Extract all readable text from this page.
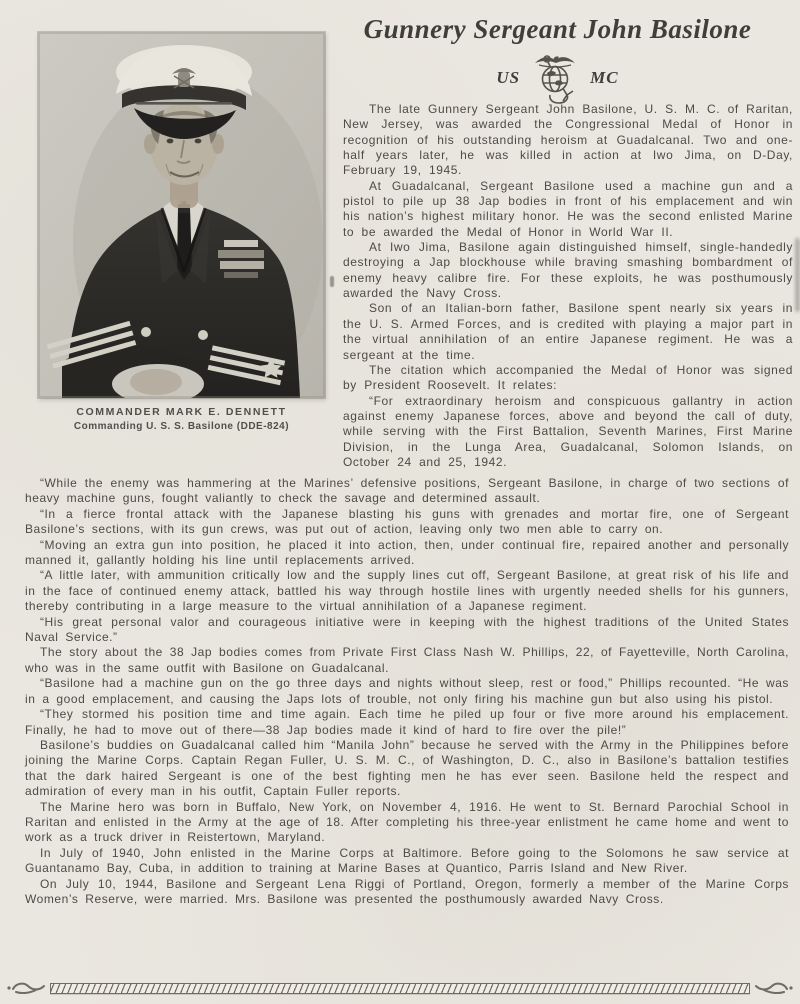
COMMANDER MARK E. DENNETT
Commanding U. S. S. Basilone (DDE-824)
Gunnery Sergeant John Basilone
US	MC

The late Gunnery Sergeant John Basilone, U. S. M. C. of Raritan, New Jersey, was awarded the Congressional Medal of Honor in recognition of his outstanding heroism at Guadalcanal. Two and one-half years later, he was killed in action at Iwo Jima, on D-Day, February 19, 1945.

At Guadalcanal, Sergeant Basilone used a machine gun and a pistol to pile up 38 Jap bodies in front of his emplacement and win his nation’s highest military honor. He was the second enlisted Marine to be awarded the Medal of Honor in World War II.

At Iwo Jima, Basilone again distinguished himself, single-handedly destroying a Jap blockhouse while braving smashing bombardment of enemy heavy calibre fire. For these exploits, he was posthumously awarded the Navy Cross.

Son of an Italian-born father, Basilone spent nearly six years in the U. S. Armed Forces, and is credited with playing a major part in the virtual annihilation of an entire Japanese regiment. He was a sergeant at the time.

The citation which accompanied the Medal of Honor was signed by President Roosevelt. It relates:

“For extraordinary heroism and conspicuous gallantry in action against enemy Japanese forces, above and beyond the call of duty, while serving with the First Battalion, Seventh Marines, First Marine Division, in the Lunga Area, Guadalcanal, Solomon Islands, on October 24 and 25, 1942.

“While the enemy was hammering at the Marines’ defensive positions, Sergeant Basilone, in charge of two sections of heavy machine guns, fought valiantly to check the savage and determined assault.

“In a fierce frontal attack with the Japanese blasting his guns with grenades and mortar fire, one of Sergeant Basilone’s sections, with its gun crews, was put out of action, leaving only two men able to carry on.

“Moving an extra gun into position, he placed it into action, then, under continual fire, repaired another and personally manned it, gallantly holding his line until replacements arrived.

“A little later, with ammunition critically low and the supply lines cut off, Sergeant Basilone, at great risk of his life and in the face of continued enemy attack, battled his way through hostile lines with urgently needed shells for his gunners, thereby contributing in a large measure to the virtual annihilation of a Japanese regiment.

“His great personal valor and courageous initiative were in keeping with the highest traditions of the United States Naval Service.”

The story about the 38 Jap bodies comes from Private First Class Nash W. Phillips, 22, of Fayetteville, North Carolina, who was in the same outfit with Basilone on Guadalcanal.

“Basilone had a machine gun on the go three days and nights without sleep, rest or food,” Phillips recounted. “He was in a good emplacement, and causing the Japs lots of trouble, not only firing his machine gun but also using his pistol.

“They stormed his position time and time again. Each time he piled up four or five more around his emplacement. Finally, he had to move out of there—38 Jap bodies made it kind of hard to fire over the pile!”

Basilone’s buddies on Guadalcanal called him “Manila John” because he served with the Army in the Philippines before joining the Marine Corps. Captain Regan Fuller, U. S. M. C., of Washington, D. C., also in Basilone’s battalion testifies that the dark haired Sergeant is one of the best fighting men he has ever seen. Basilone held the respect and admiration of every man in his outfit, Captain Fuller reports.

The Marine hero was born in Buffalo, New York, on November 4, 1916. He went to St. Bernard Parochial School in Raritan and enlisted in the Army at the age of 18. After completing his three-year enlistment he came home and went to work as a truck driver in Reistertown, Maryland.

In July of 1940, John enlisted in the Marine Corps at Baltimore. Before going to the Solomons he saw service at Guantanamo Bay, Cuba, in addition to training at Marine Bases at Quantico, Parris Island and New River.

On July 10, 1944, Basilone and Sergeant Lena Riggi of Portland, Oregon, formerly a member of the Marine Corps Women’s Reserve, were married. Mrs. Basilone was presented the posthumously awarded Navy Cross.
